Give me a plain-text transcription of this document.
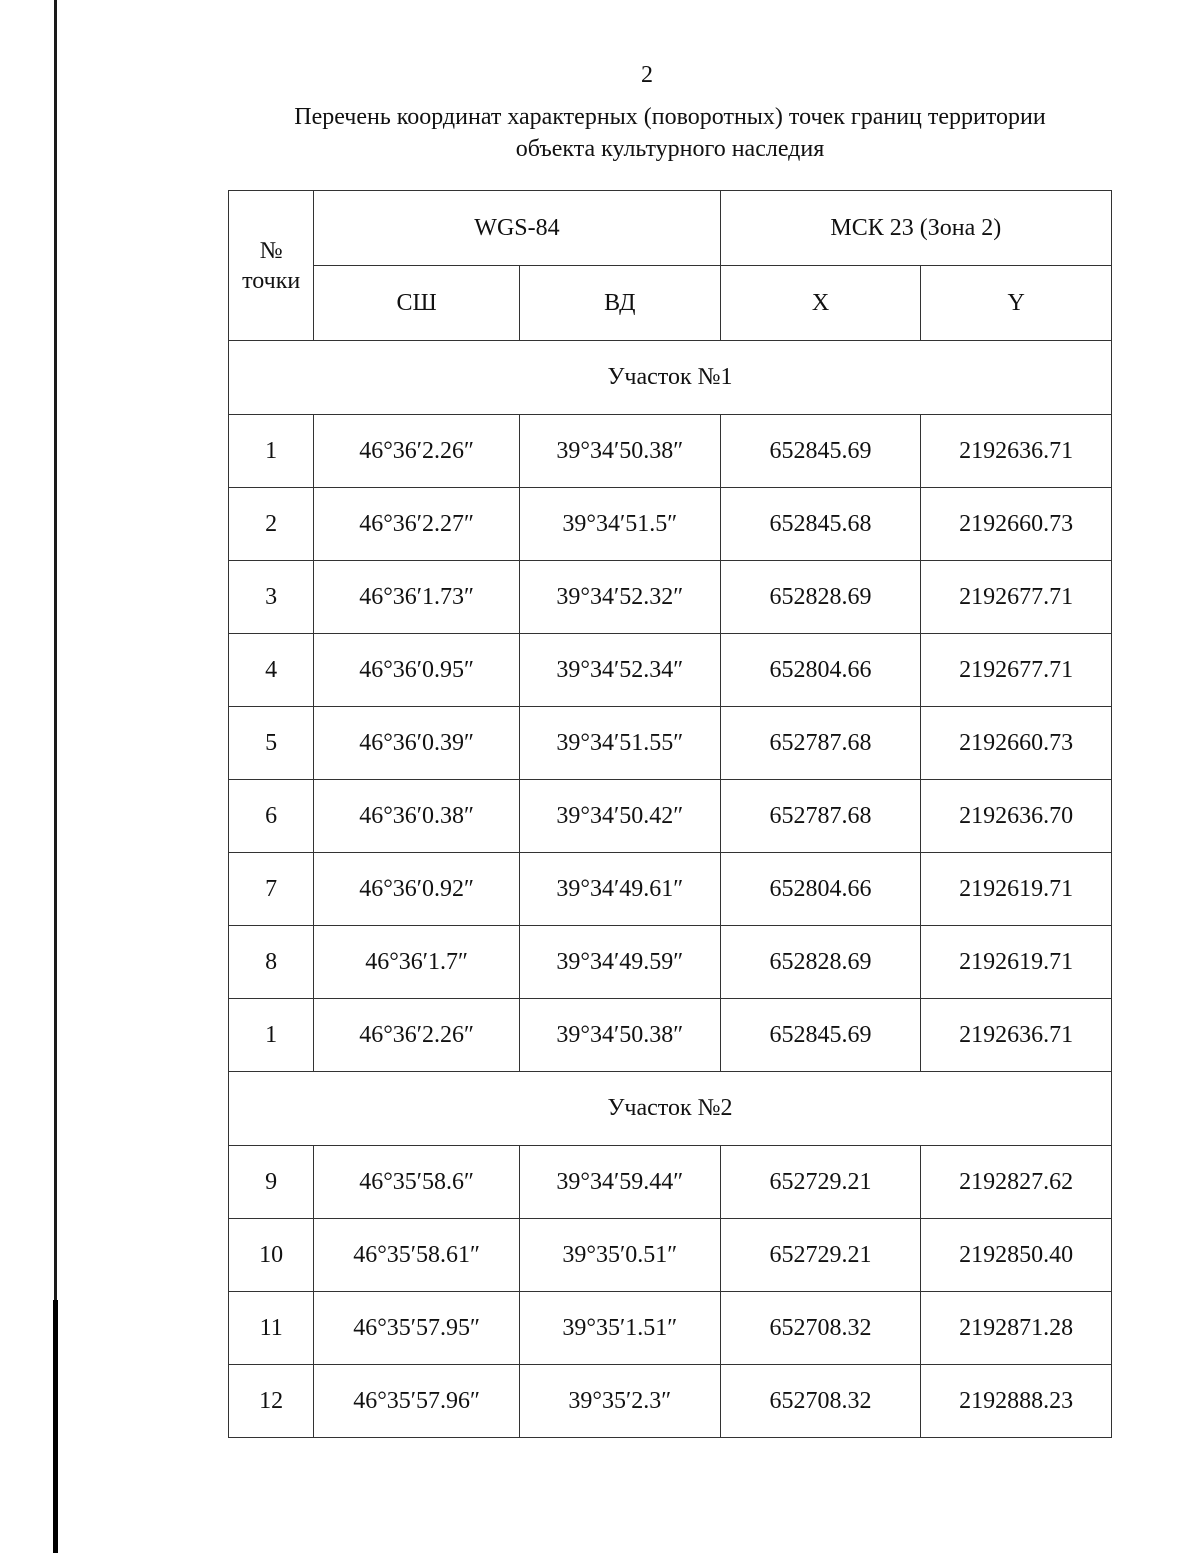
2
Перечень координат характерных (поворотных) точек границ территории
объекта культурного наследия
№
точки	WGS-84		МСК 23 (Зона 2)	
	СШ	ВД	X	Y
Участок №1				
1	46°36′2.26″	39°34′50.38″	652845.69	2192636.71
2	46°36′2.27″	39°34′51.5″	652845.68	2192660.73
3	46°36′1.73″	39°34′52.32″	652828.69	2192677.71
4	46°36′0.95″	39°34′52.34″	652804.66	2192677.71
5	46°36′0.39″	39°34′51.55″	652787.68	2192660.73
6	46°36′0.38″	39°34′50.42″	652787.68	2192636.70
7	46°36′0.92″	39°34′49.61″	652804.66	2192619.71
8	46°36′1.7″	39°34′49.59″	652828.69	2192619.71
1	46°36′2.26″	39°34′50.38″	652845.69	2192636.71
Участок №2				
9	46°35′58.6″	39°34′59.44″	652729.21	2192827.62
10	46°35′58.61″	39°35′0.51″	652729.21	2192850.40
11	46°35′57.95″	39°35′1.51″	652708.32	2192871.28
12	46°35′57.96″	39°35′2.3″	652708.32	2192888.23
